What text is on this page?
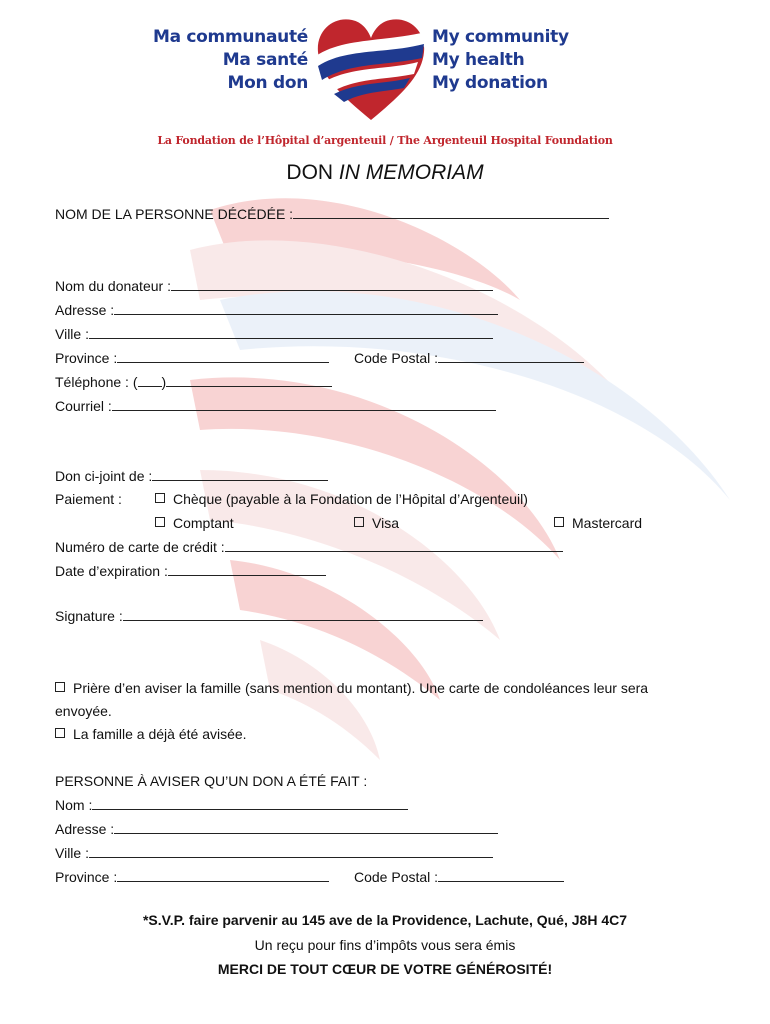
Ma communauté
Ma santé
Mon don
My community
My health
My donation
La Fondation de l’Hôpital d’argenteuil / The Argenteuil Hospital Foundation
DON IN MEMORIAM
NOM DE LA PERSONNE DÉCÉDÉE :
Nom du donateur :
Adresse :
Ville :
Province :	Code Postal :
Téléphone : ( )
Courriel :
Don ci-joint de :
Paiement :	Chèque (payable à la Fondation de l’Hôpital d’Argenteuil)
Comptant	Visa	Mastercard
Numéro de carte de crédit :
Date d’expiration :
Signature :
Prière d’en aviser la famille (sans mention du montant). Une carte de condoléances leur sera
envoyée.
La famille a déjà été avisée.
PERSONNE À AVISER QU’UN DON A ÉTÉ FAIT :
Nom :
Adresse :
Ville :
Province :	Code Postal :
*S.V.P. faire parvenir au 145 ave de la Providence, Lachute, Qué, J8H 4C7
Un reçu pour fins d’impôts vous sera émis
MERCI DE TOUT CŒUR DE VOTRE GÉNÉROSITÉ!
